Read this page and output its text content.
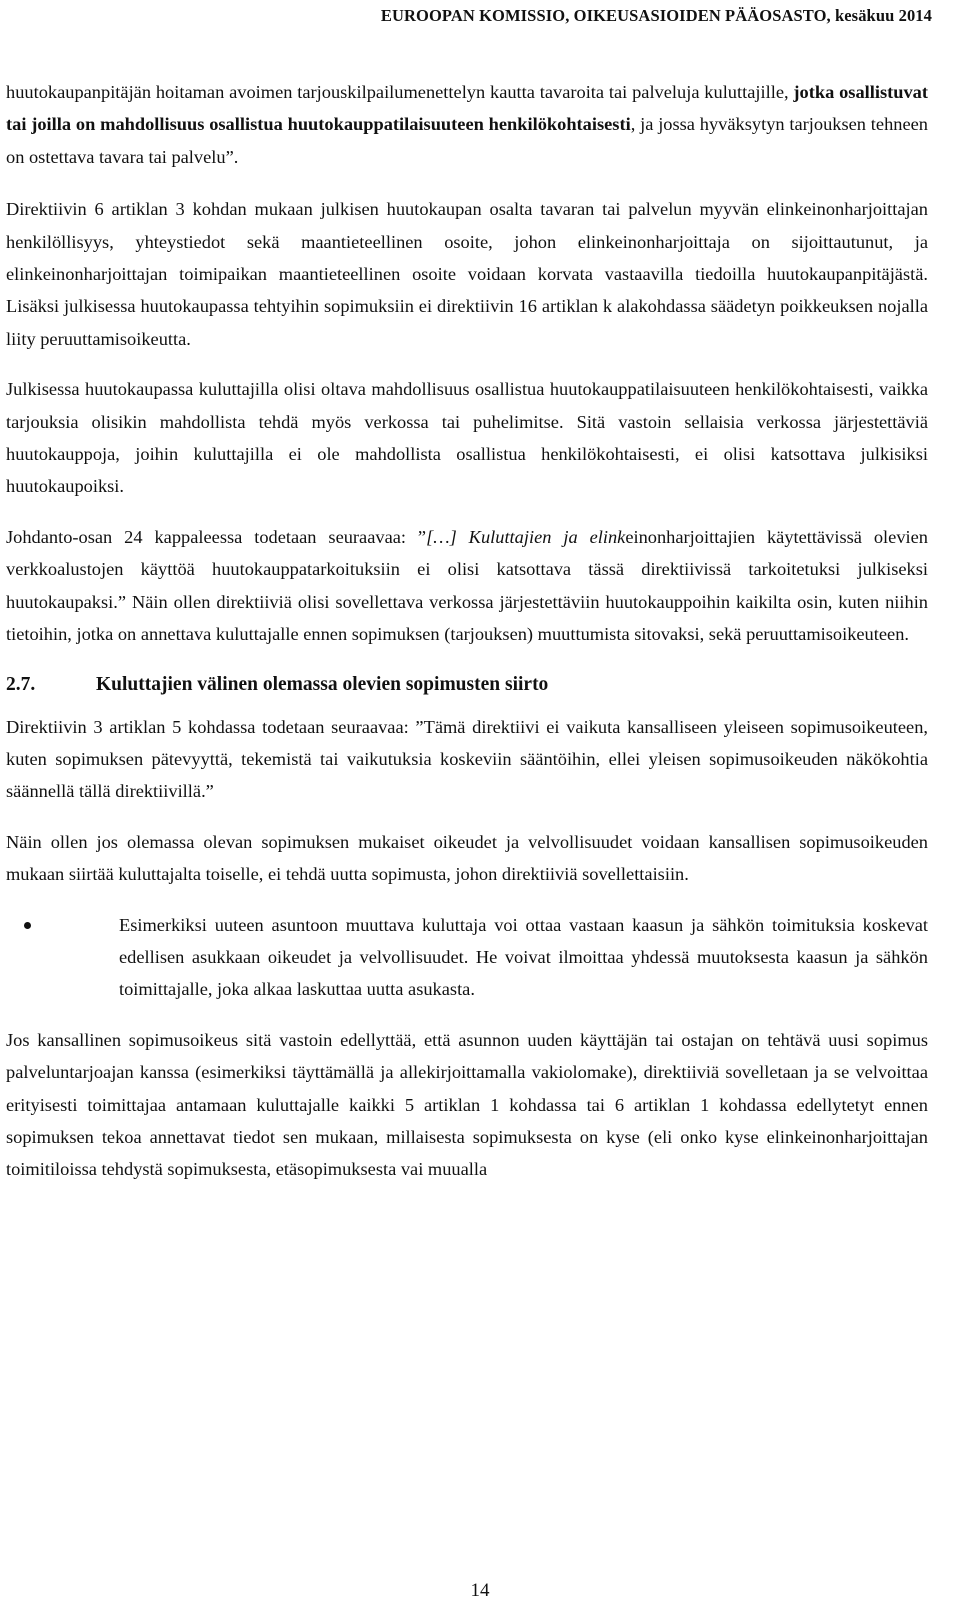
EUROOPAN KOMISSIO, OIKEUSASIOIDEN PÄÄOSASTO, kesäkuu 2014

huutokaupanpitäjän hoitaman avoimen tarjouskilpailumenettelyn kautta tavaroita tai palveluja kuluttajille, jotka osallistuvat tai joilla on mahdollisuus osallistua huutokauppatilaisuuteen henkilökohtaisesti, ja jossa hyväksytyn tarjouksen tehneen on ostettava tavara tai palvelu”.

Direktiivin 6 artiklan 3 kohdan mukaan julkisen huutokaupan osalta tavaran tai palvelun myyvän elinkeinonharjoittajan henkilöllisyys, yhteystiedot sekä maantieteellinen osoite, johon elinkeinonharjoittaja on sijoittautunut, ja elinkeinonharjoittajan toimipaikan maantieteellinen osoite voidaan korvata vastaavilla tiedoilla huutokaupanpitäjästä. Lisäksi julkisessa huutokaupassa tehtyihin sopimuksiin ei direktiivin 16 artiklan k alakohdassa säädetyn poikkeuksen nojalla liity peruuttamisoikeutta.

Julkisessa huutokaupassa kuluttajilla olisi oltava mahdollisuus osallistua huutokauppatilaisuuteen henkilökohtaisesti, vaikka tarjouksia olisikin mahdollista tehdä myös verkossa tai puhelimitse. Sitä vastoin sellaisia verkossa järjestettäviä huutokauppoja, joihin kuluttajilla ei ole mahdollista osallistua henkilökohtaisesti, ei olisi katsottava julkisiksi huutokaupoiksi.

Johdanto-osan 24 kappaleessa todetaan seuraavaa: ”[…] Kuluttajien ja elinkeinonharjoittajien käytettävissä olevien verkkoalustojen käyttöä huutokauppatarkoituksiin ei olisi katsottava tässä direktiivissä tarkoitetuksi julkiseksi huutokaupaksi.” Näin ollen direktiiviä olisi sovellettava verkossa järjestettäviin huutokauppoihin kaikilta osin, kuten niihin tietoihin, jotka on annettava kuluttajalle ennen sopimuksen (tarjouksen) muuttumista sitovaksi, sekä peruuttamisoikeuteen.

2.7.	Kuluttajien välinen olemassa olevien sopimusten siirto

Direktiivin 3 artiklan 5 kohdassa todetaan seuraavaa: ”Tämä direktiivi ei vaikuta kansalliseen yleiseen sopimusoikeuteen, kuten sopimuksen pätevyyttä, tekemistä tai vaikutuksia koskeviin sääntöihin, ellei yleisen sopimusoikeuden näkökohtia säännellä tällä direktiivillä.”

Näin ollen jos olemassa olevan sopimuksen mukaiset oikeudet ja velvollisuudet voidaan kansallisen sopimusoikeuden mukaan siirtää kuluttajalta toiselle, ei tehdä uutta sopimusta, johon direktiiviä sovellettaisiin.

Esimerkiksi uuteen asuntoon muuttava kuluttaja voi ottaa vastaan kaasun ja sähkön toimituksia koskevat edellisen asukkaan oikeudet ja velvollisuudet. He voivat ilmoittaa yhdessä muutoksesta kaasun ja sähkön toimittajalle, joka alkaa laskuttaa uutta asukasta.

Jos kansallinen sopimusoikeus sitä vastoin edellyttää, että asunnon uuden käyttäjän tai ostajan on tehtävä uusi sopimus palveluntarjoajan kanssa (esimerkiksi täyttämällä ja allekirjoittamalla vakiolomake), direktiiviä sovelletaan ja se velvoittaa erityisesti toimittajaa antamaan kuluttajalle kaikki 5 artiklan 1 kohdassa tai 6 artiklan 1 kohdassa edellytetyt ennen sopimuksen tekoa annettavat tiedot sen mukaan, millaisesta sopimuksesta on kyse (eli onko kyse elinkeinonharjoittajan toimitiloissa tehdystä sopimuksesta, etäsopimuksesta vai muualla

14
